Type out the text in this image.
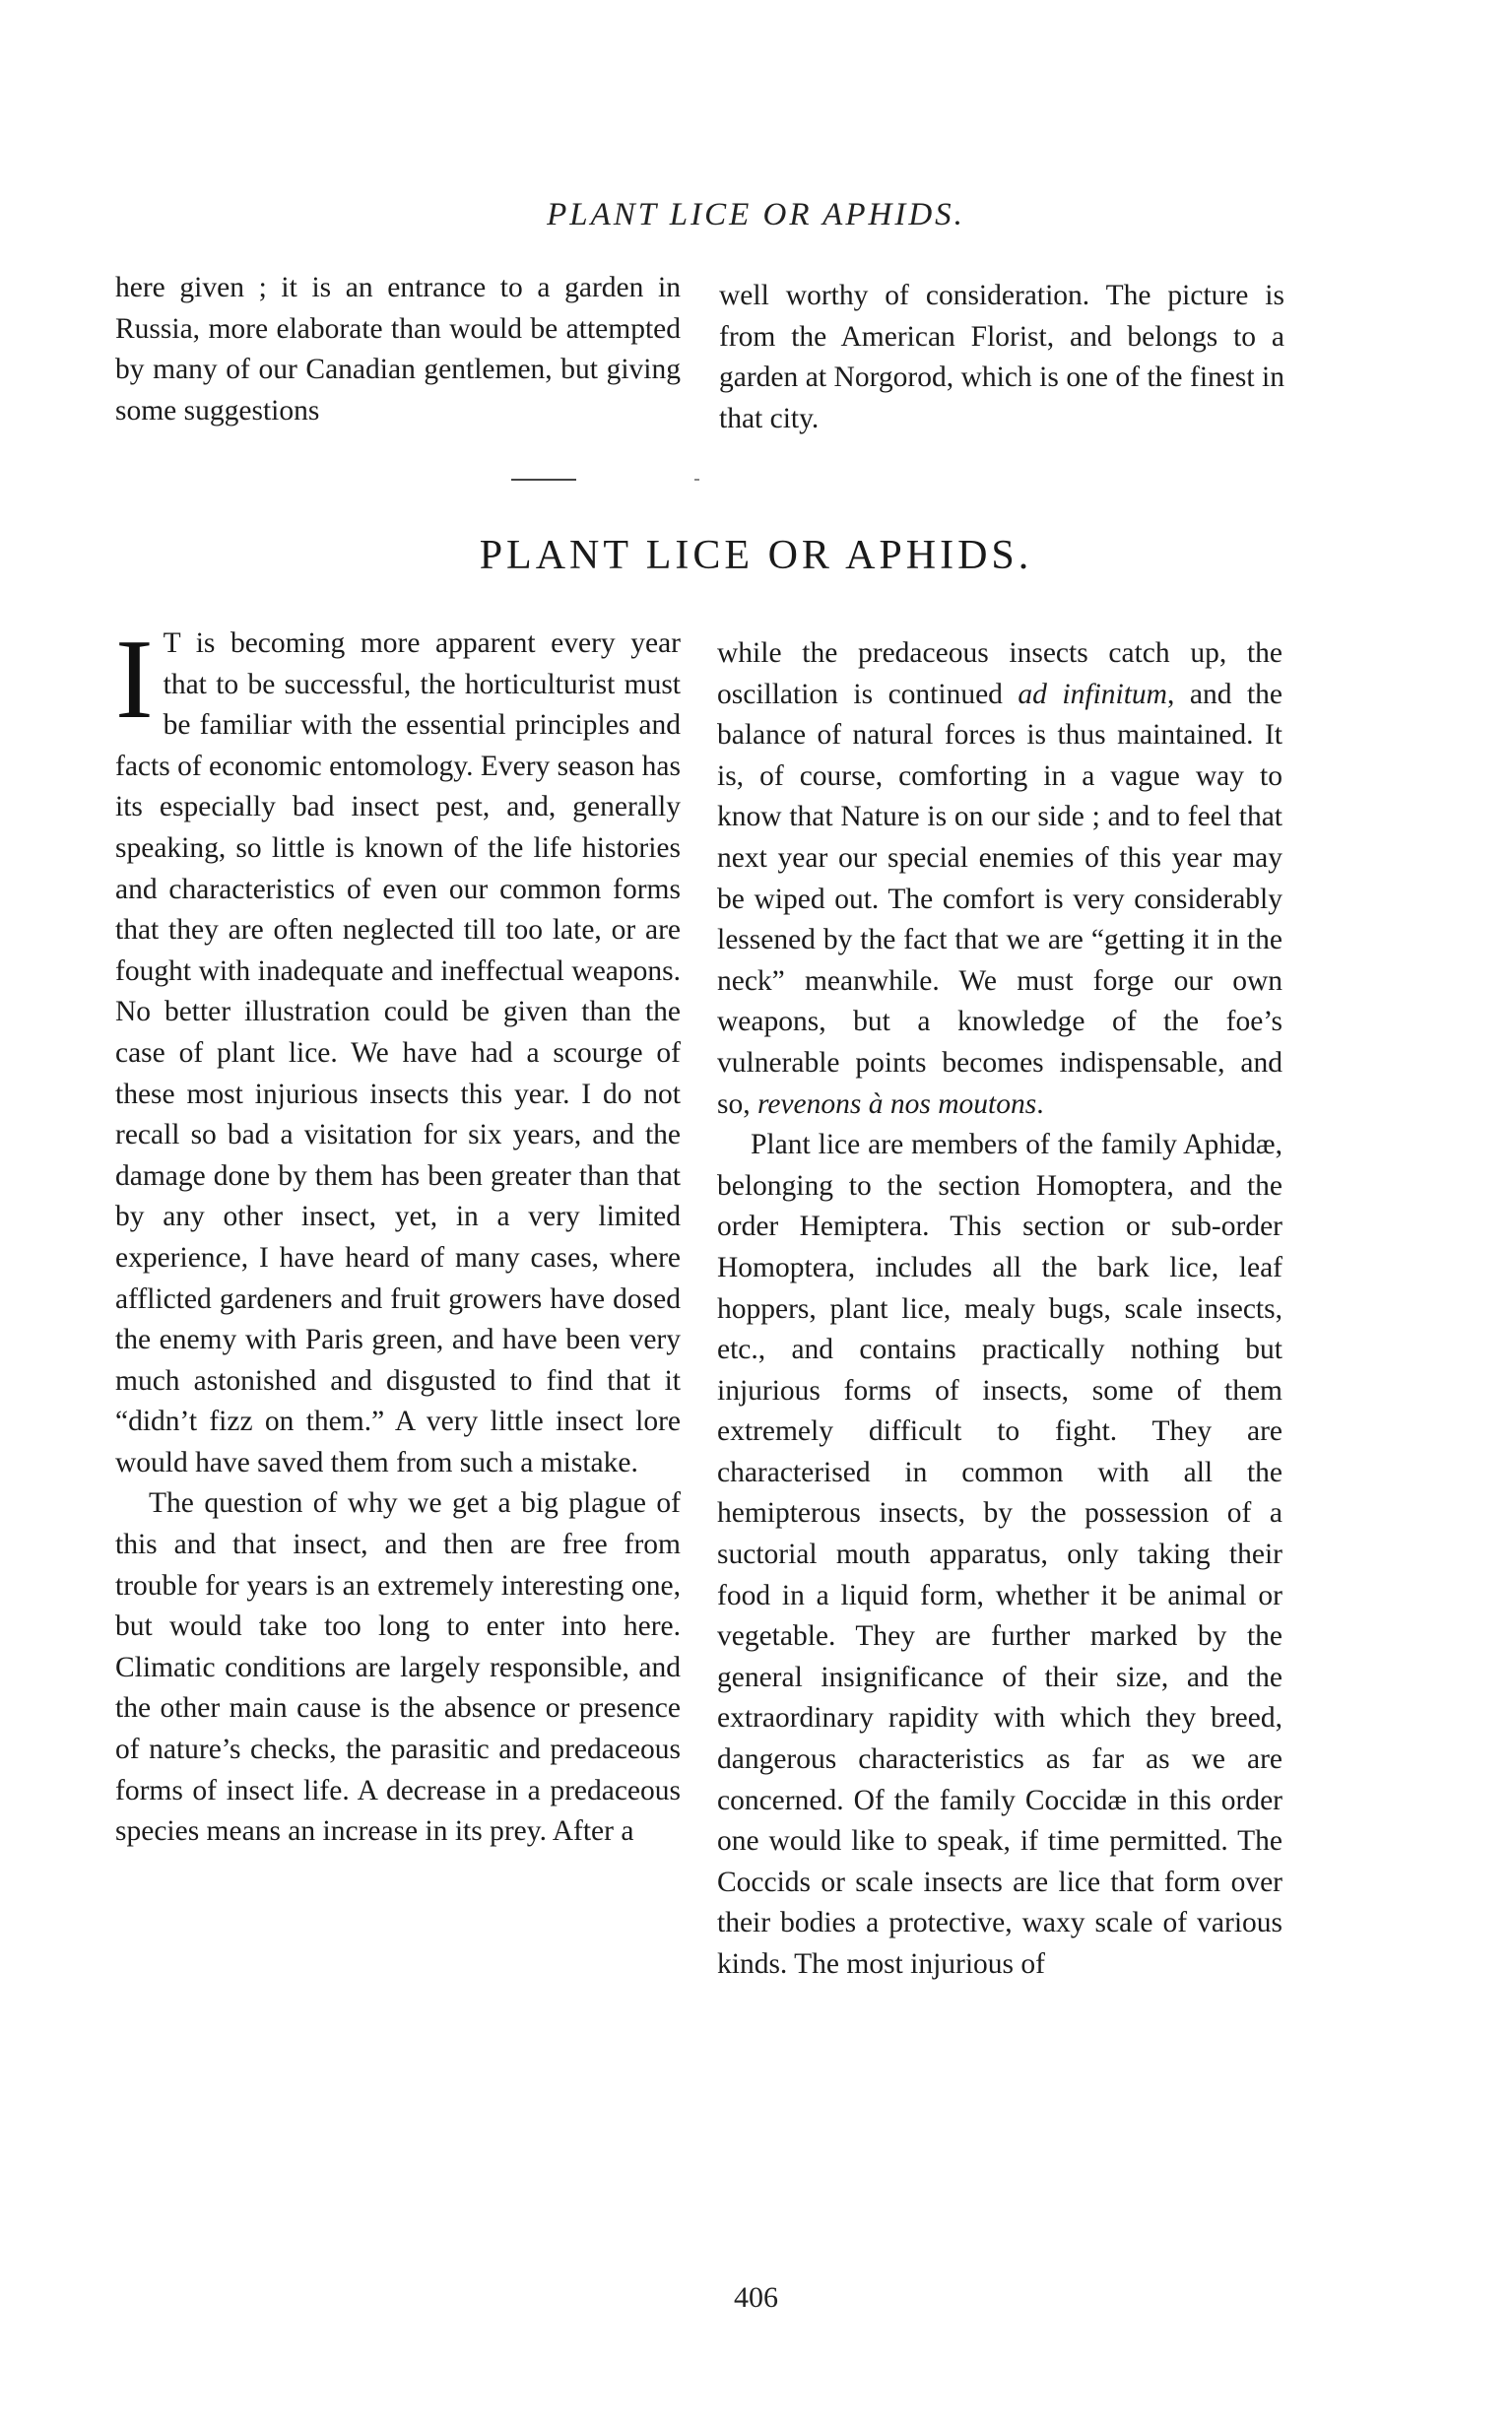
PLANT LICE OR APHIDS.

here given ; it is an entrance to a garden in Russia, more elaborate than would be attempted by many of our Canadian gentlemen, but giving some suggestions

well worthy of consideration. The picture is from the American Florist, and belongs to a garden at Norgorod, which is one of the finest in that city.

PLANT LICE OR APHIDS.

I T is becoming more apparent every year that to be successful, the horticulturist must be familiar with the essential principles and facts of economic entomology. Every season has its especially bad insect pest, and, generally speaking, so little is known of the life histories and characteristics of even our common forms that they are often neglected till too late, or are fought with inadequate and ineffectual weapons. No better illustration could be given than the case of plant lice. We have had a scourge of these most injurious insects this year. I do not recall so bad a visitation for six years, and the damage done by them has been greater than that by any other insect, yet, in a very limited experience, I have heard of many cases, where afflicted gardeners and fruit growers have dosed the enemy with Paris green, and have been very much astonished and disgusted to find that it “didn’t fizz on them.” A very little insect lore would have saved them from such a mistake.

The question of why we get a big plague of this and that insect, and then are free from trouble for years is an extremely interesting one, but would take too long to enter into here. Climatic conditions are largely responsible, and the other main cause is the absence or presence of nature’s checks, the parasitic and predaceous forms of insect life. A decrease in a predaceous species means an increase in its prey. After a

while the predaceous insects catch up, the oscillation is continued ad infinitum, and the balance of natural forces is thus maintained. It is, of course, comforting in a vague way to know that Nature is on our side ; and to feel that next year our special enemies of this year may be wiped out. The comfort is very considerably lessened by the fact that we are “getting it in the neck” meanwhile. We must forge our own weapons, but a knowledge of the foe’s vulnerable points becomes indispensable, and so, revenons à nos moutons.

Plant lice are members of the family Aphidæ, belonging to the section Homoptera, and the order Hemiptera. This section or sub-order Homoptera, includes all the bark lice, leaf hoppers, plant lice, mealy bugs, scale insects, etc., and contains practically nothing but injurious forms of insects, some of them extremely difficult to fight. They are characterised in common with all the hemipterous insects, by the possession of a suctorial mouth apparatus, only taking their food in a liquid form, whether it be animal or vegetable. They are further marked by the general insignificance of their size, and the extraordinary rapidity with which they breed, dangerous characteristics as far as we are concerned. Of the family Coccidæ in this order one would like to speak, if time permitted. The Coccids or scale insects are lice that form over their bodies a protective, waxy scale of various kinds. The most injurious of

406
